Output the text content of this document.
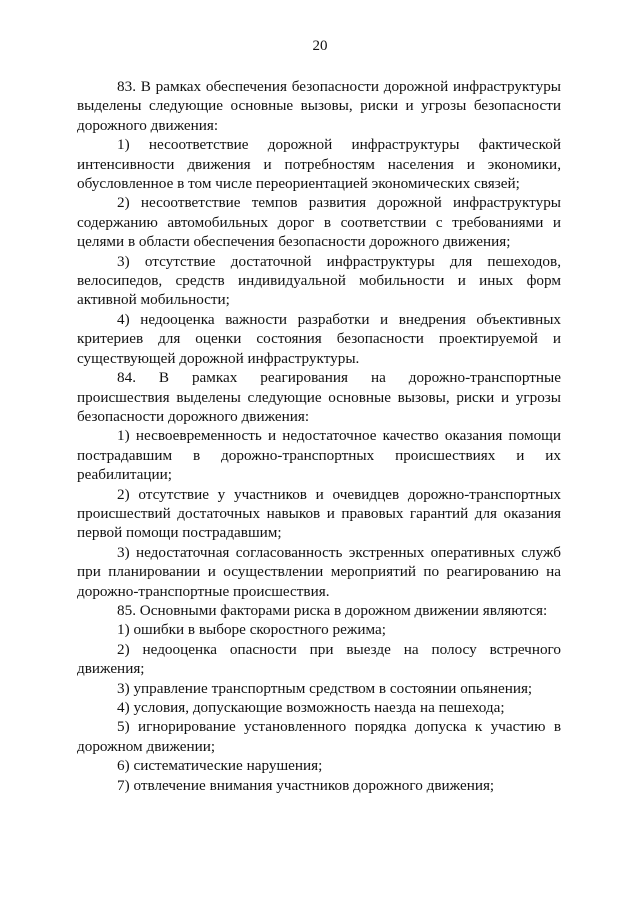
20

83. В рамках обеспечения безопасности дорожной инфраструктуры выделены следующие основные вызовы, риски и угрозы безопасности дорожного движения:

1) несоответствие дорожной инфраструктуры фактической интенсивности движения и потребностям населения и экономики, обусловленное в том числе переориентацией экономических связей;

2) несоответствие темпов развития дорожной инфраструктуры содержанию автомобильных дорог в соответствии с требованиями и целями в области обеспечения безопасности дорожного движения;

3) отсутствие достаточной инфраструктуры для пешеходов, велосипедов, средств индивидуальной мобильности и иных форм активной мобильности;

4) недооценка важности разработки и внедрения объективных критериев для оценки состояния безопасности проектируемой и существующей дорожной инфраструктуры.

84. В рамках реагирования на дорожно-транспортные происшествия выделены следующие основные вызовы, риски и угрозы безопасности дорожного движения:

1) несвоевременность и недостаточное качество оказания помощи пострадавшим в дорожно-транспортных происшествиях и их реабилитации;

2) отсутствие у участников и очевидцев дорожно-транспортных происшествий достаточных навыков и правовых гарантий для оказания первой помощи пострадавшим;

3) недостаточная согласованность экстренных оперативных служб при планировании и осуществлении мероприятий по реагированию на дорожно-транспортные происшествия.

85. Основными факторами риска в дорожном движении являются:

1) ошибки в выборе скоростного режима;

2) недооценка опасности при выезде на полосу встречного движения;

3) управление транспортным средством в состоянии опьянения;

4) условия, допускающие возможность наезда на пешехода;

5) игнорирование установленного порядка допуска к участию в дорожном движении;

6) систематические нарушения;

7) отвлечение внимания участников дорожного движения;
